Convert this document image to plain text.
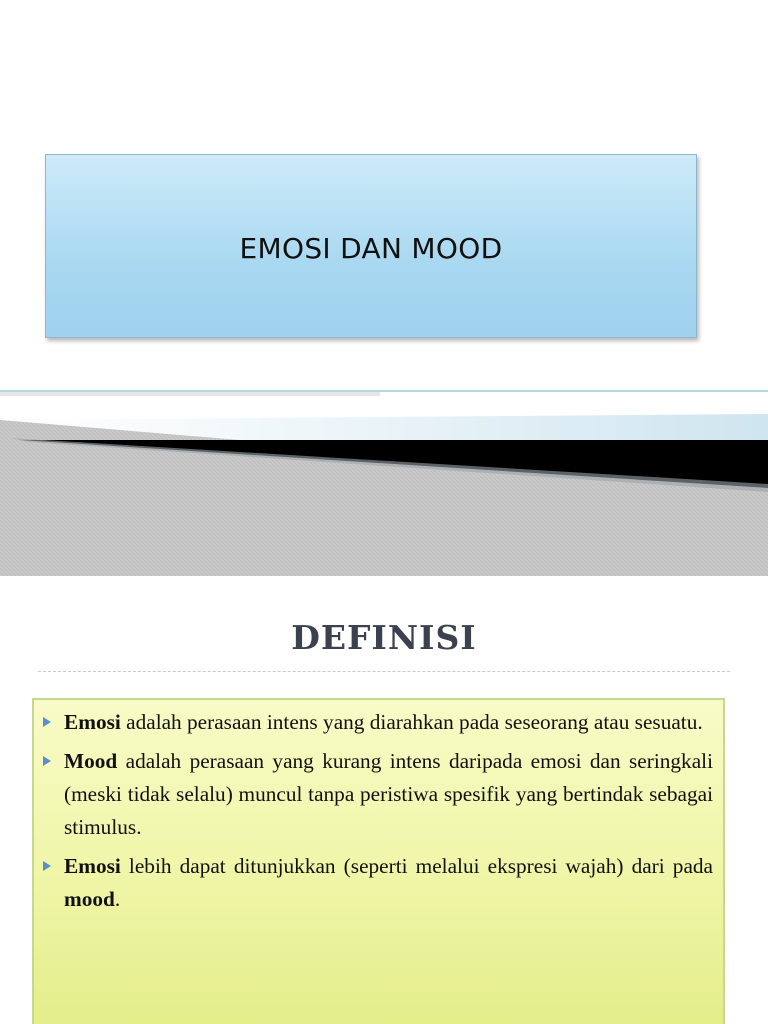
EMOSI DAN MOOD
DEFINISI
Emosi adalah perasaan intens yang diarahkan pada seseorang atau sesuatu.
Mood adalah perasaan yang kurang intens daripada emosi dan seringkali (meski tidak selalu) muncul tanpa peristiwa spesifik yang bertindak sebagai stimulus.
Emosi lebih dapat ditunjukkan (seperti melalui ekspresi wajah) dari pada mood.
